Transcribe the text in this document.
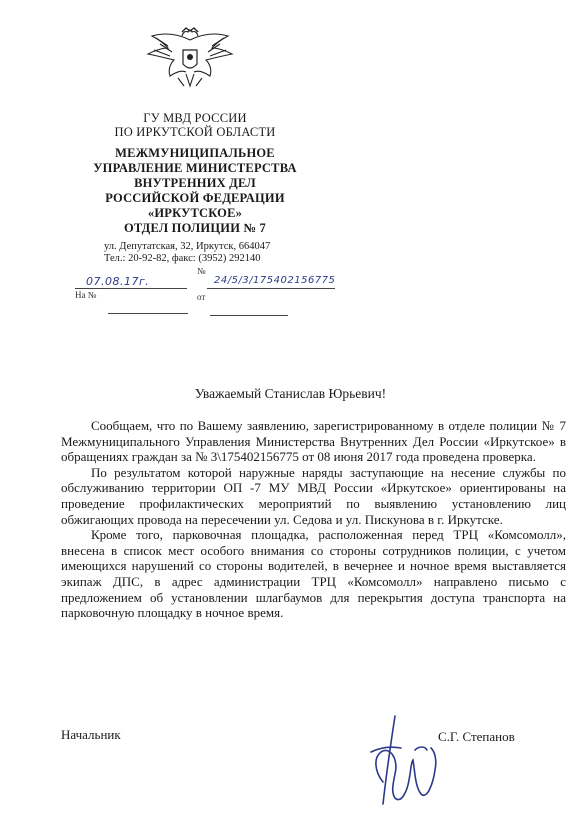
ГУ МВД РОССИИ
ПО ИРКУТСКОЙ ОБЛАСТИ
МЕЖМУНИЦИПАЛЬНОЕ
УПРАВЛЕНИЕ МИНИСТЕРСТВА
ВНУТРЕННИХ ДЕЛ
РОССИЙСКОЙ ФЕДЕРАЦИИ
«ИРКУТСКОЕ»
ОТДЕЛ ПОЛИЦИИ № 7
ул. Депутатская, 32, Иркутск, 664047
Тел.: 20-92-82, факс: (3952) 292140
№
07.08.17г.	24/5/3/175402156775
На №	от
Уважаемый Станислав Юрьевич!

Сообщаем, что по Вашему заявлению, зарегистрированному в отделе полиции № 7 Межмуниципального Управления Министерства Внутренних Дел России «Иркутское» в обращениях граждан за № 3\175402156775 от 08 июня 2017 года проведена проверка.

По результатом которой наружные наряды заступающие на несение службы по обслуживанию территории ОП -7 МУ МВД России «Иркутское» ориентированы на проведение профилактических мероприятий по выявлению установлению лиц обжигающих провода на пересечении ул. Седова и ул. Пискунова в г. Иркутске.

Кроме того, парковочная площадка, расположенная перед ТРЦ «Комсомолл», внесена в список мест особого внимания со стороны сотрудников полиции, с учетом имеющихся нарушений со стороны водителей, в вечернее и ночное время выставляется экипаж ДПС, в адрес администрации ТРЦ «Комсомолл» направлено письмо с предложением об установлении шлагбаумов для перекрытия доступа транспорта на парковочную площадку в ночное время.

Начальник	С.Г. Степанов
